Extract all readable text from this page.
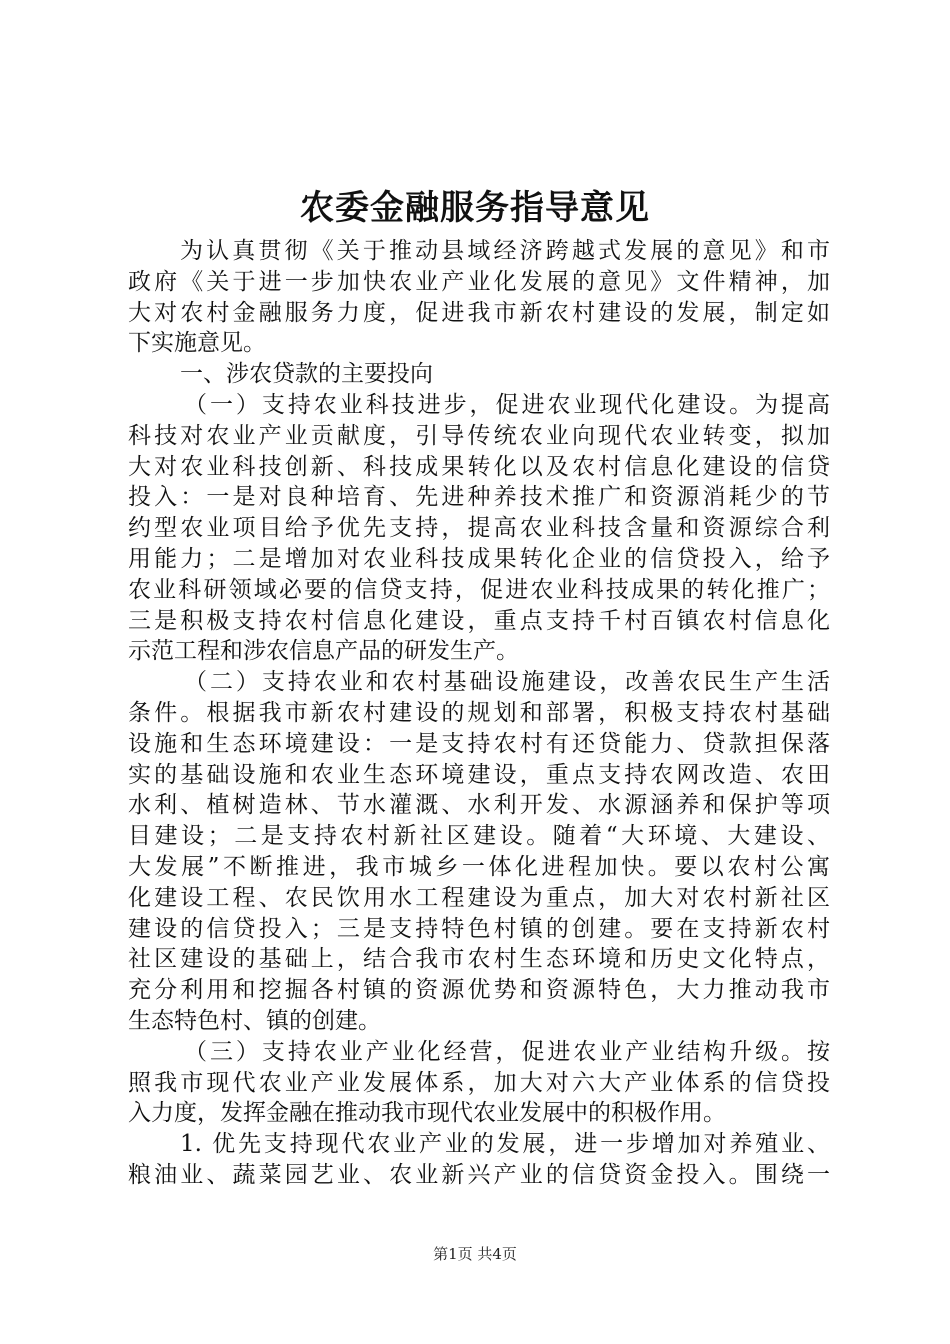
农委金融服务指导意见
为认真贯彻《关于推动县域经济跨越式发展的意见》和市
政府《关于进一步加快农业产业化发展的意见》文件精神，加
大对农村金融服务力度，促进我市新农村建设的发展，制定如
下实施意见。
一、涉农贷款的主要投向
（一）支持农业科技进步，促进农业现代化建设。为提高
科技对农业产业贡献度，引导传统农业向现代农业转变，拟加
大对农业科技创新、科技成果转化以及农村信息化建设的信贷
投入：一是对良种培育、先进种养技术推广和资源消耗少的节
约型农业项目给予优先支持，提高农业科技含量和资源综合利
用能力；二是增加对农业科技成果转化企业的信贷投入，给予
农业科研领域必要的信贷支持，促进农业科技成果的转化推广；
三是积极支持农村信息化建设，重点支持千村百镇农村信息化
示范工程和涉农信息产品的研发生产。
（二）支持农业和农村基础设施建设，改善农民生产生活
条件。根据我市新农村建设的规划和部署，积极支持农村基础
设施和生态环境建设：一是支持农村有还贷能力、贷款担保落
实的基础设施和农业生态环境建设，重点支持农网改造、农田
水利、植树造林、节水灌溉、水利开发、水源涵养和保护等项
目建设；二是支持农村新社区建设。随着“大环境、大建设、
大发展”不断推进，我市城乡一体化进程加快。要以农村公寓
化建设工程、农民饮用水工程建设为重点，加大对农村新社区
建设的信贷投入；三是支持特色村镇的创建。要在支持新农村
社区建设的基础上，结合我市农村生态环境和历史文化特点，
充分利用和挖掘各村镇的资源优势和资源特色，大力推动我市
生态特色村、镇的创建。
（三）支持农业产业化经营，促进农业产业结构升级。按
照我市现代农业产业发展体系，加大对六大产业体系的信贷投
入力度，发挥金融在推动我市现代农业发展中的积极作用。
1. 优先支持现代农业产业的发展，进一步增加对养殖业、
粮油业、蔬菜园艺业、农业新兴产业的信贷资金投入。围绕一
第1页 共4页
